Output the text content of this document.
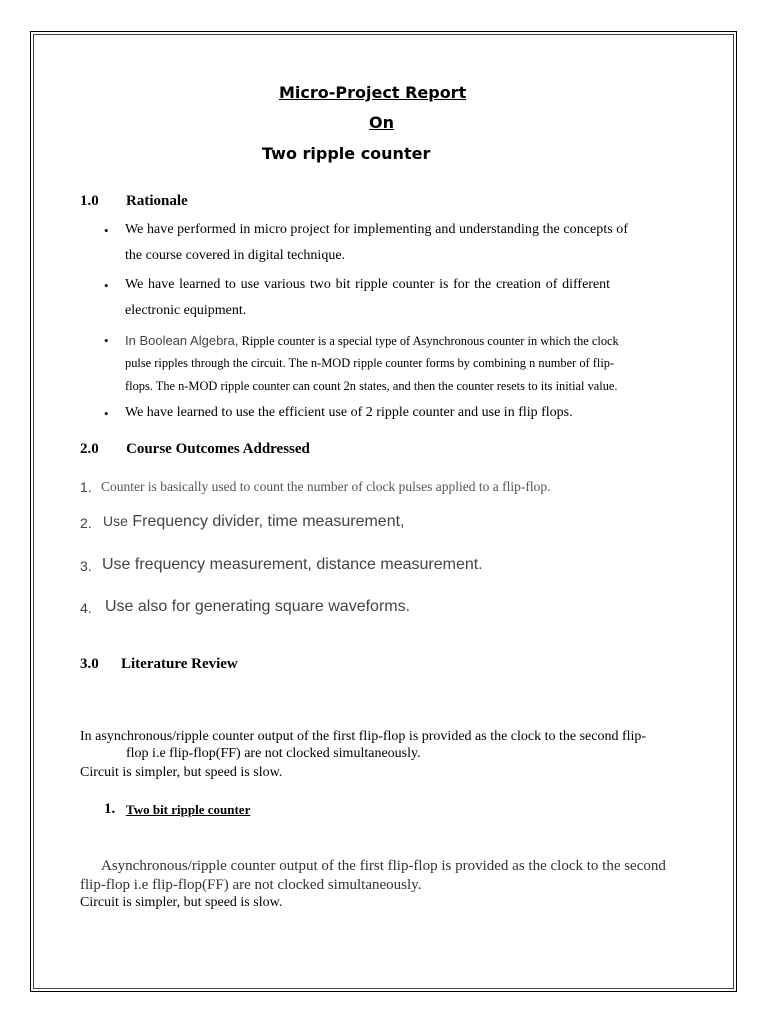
Micro-Project Report
On
Two ripple counter
1.0 Rationale
• We have performed in micro project for implementing and understanding the concepts of
the course covered in digital technique.
• We have learned to use various two bit ripple counter is for the creation of different
electronic equipment.
• In Boolean Algebra, Ripple counter is a special type of Asynchronous counter in which the clock
pulse ripples through the circuit. The n-MOD ripple counter forms by combining n number of flip-
flops. The n-MOD ripple counter can count 2n states, and then the counter resets to its initial value.
• We have learned to use the efficient use of 2 ripple counter and use in flip flops.
2.0 Course Outcomes Addressed
1. Counter is basically used to count the number of clock pulses applied to a flip-flop.
2. Use Frequency divider, time measurement,
3. Use frequency measurement, distance measurement.
4. Use also for generating square waveforms.
3.0 Literature Review
In asynchronous/ripple counter output of the first flip-flop is provided as the clock to the second flip-
flop i.e flip-flop(FF) are not clocked simultaneously.
Circuit is simpler, but speed is slow.
1. Two bit ripple counter
Asynchronous/ripple counter output of the first flip-flop is provided as the clock to the second
flip-flop i.e flip-flop(FF) are not clocked simultaneously.
Circuit is simpler, but speed is slow.
